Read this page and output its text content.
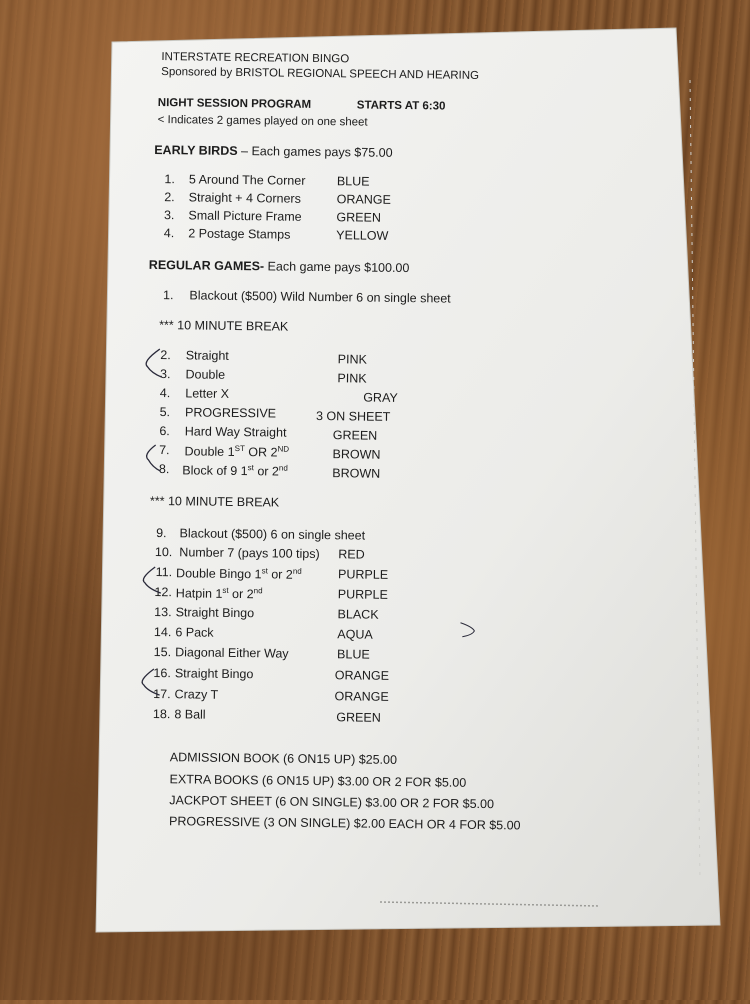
INTERSTATE RECREATION BINGO
Sponsored by BRISTOL REGIONAL SPEECH AND HEARING
NIGHT SESSION PROGRAM	STARTS AT 6:30
< Indicates 2 games played on one sheet
EARLY BIRDS – Each games pays $75.00
1. 5 Around The Corner	BLUE
2. Straight + 4 Corners	ORANGE
3. Small Picture Frame	GREEN
4. 2 Postage Stamps	YELLOW
REGULAR GAMES- Each game pays $100.00
1. Blackout ($500) Wild Number 6 on single sheet
*** 10 MINUTE BREAK
2. Straight	PINK
3. Double	PINK
4. Letter X	GRAY
5. PROGRESSIVE	3 ON SHEET
6. Hard Way Straight	GREEN
7. Double 1ST OR 2ND	BROWN
8. Block of 9 1st or 2nd	BROWN
*** 10 MINUTE BREAK
9. Blackout ($500) 6 on single sheet
10. Number 7 (pays 100 tips) RED
11. Double Bingo 1st or 2nd	PURPLE
12. Hatpin 1st or 2nd	PURPLE
13. Straight Bingo	BLACK
14. 6 Pack	AQUA
15. Diagonal Either Way	BLUE
16. Straight Bingo	ORANGE
17. Crazy T	ORANGE
18. 8 Ball	GREEN
ADMISSION BOOK (6 ON15 UP) $25.00
EXTRA BOOKS (6 ON15 UP) $3.00 OR 2 FOR $5.00
JACKPOT SHEET (6 ON SINGLE) $3.00 OR 2 FOR $5.00
PROGRESSIVE (3 ON SINGLE) $2.00 EACH OR 4 FOR $5.00
